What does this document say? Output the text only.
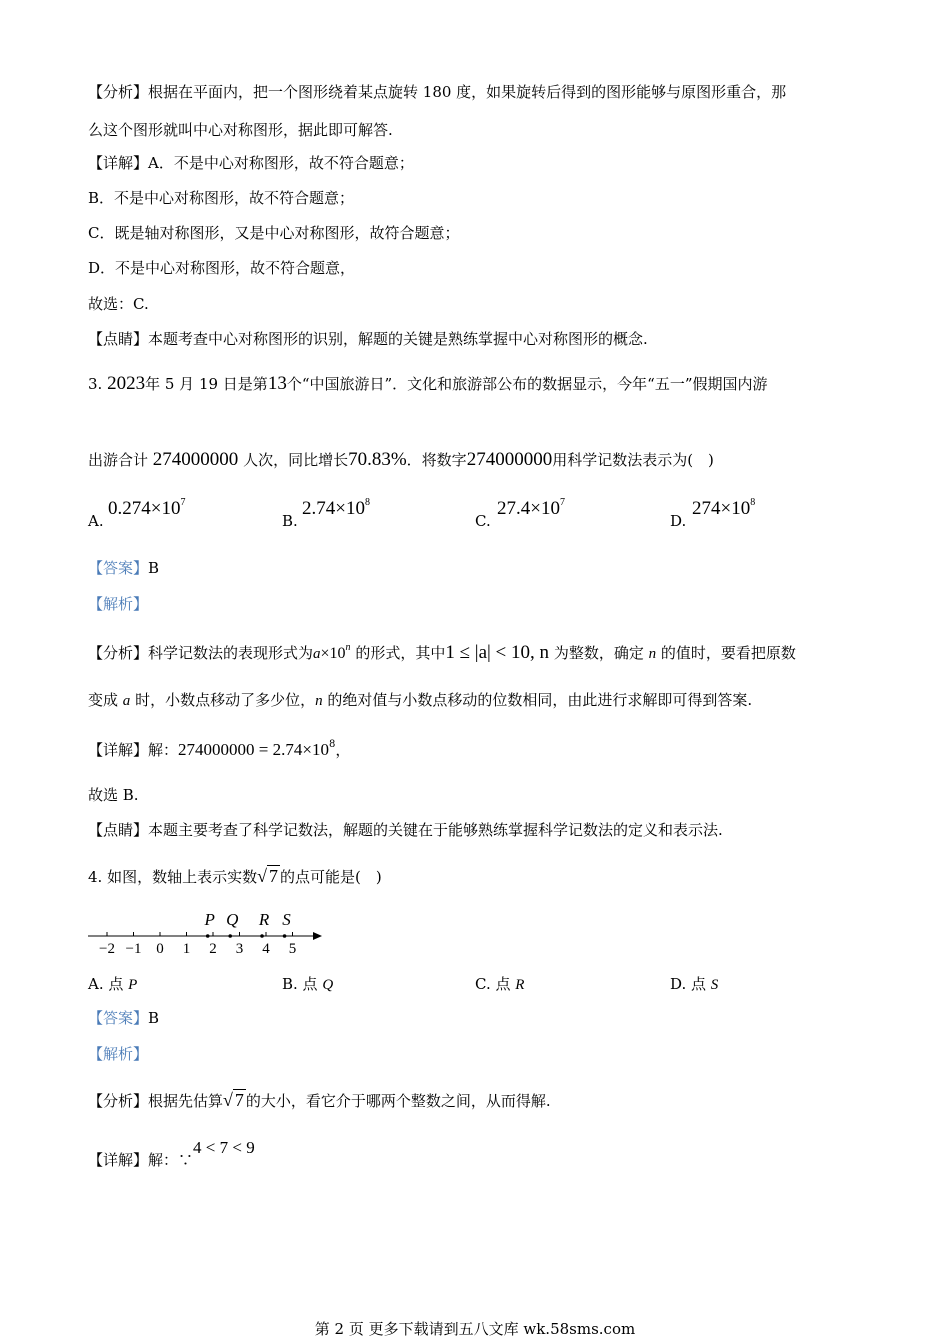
【分析】根据在平面内，把一个图形绕着某点旋转 180 度，如果旋转后得到的图形能够与原图形重合，那
么这个图形就叫中心对称图形，据此即可解答.
【详解】A．不是中心对称图形，故不符合题意；
B．不是中心对称图形，故不符合题意；
C．既是轴对称图形，又是中心对称图形，故符合题意；
D．不是中心对称图形，故不符合题意，
故选：C.
【点睛】本题考查中心对称图形的识别，解题的关键是熟练掌握中心对称图形的概念.
3. 2023年 5 月 19 日是第13个“中国旅游日”．文化和旅游部公布的数据显示，今年“五一”假期国内游
出游合计 274000000 人次，同比增长70.83%．将数字274000000用科学记数法表示为(　)
A.
$0.274\times 10^7$
B.
$2.74\times 10^8$
C.
$27.4\times 10^7$
D.
$274\times 10^8$
【答案】B
【解析】
【分析】科学记数法的表现形式为$a\times 10^n$ 的形式，其中1 ≤ |a| < 10, n 为整数，确定 n 的值时，要看把原数
变成 a 时，小数点移动了多少位，n 的绝对值与小数点移动的位数相同，由此进行求解即可得到答案.
【详解】解：$274000000 = 2.74\times 10^8$，
故选 B.
【点睛】本题主要考查了科学记数法，解题的关键在于能够熟练掌握科学记数法的定义和表示法.
4. 如图，数轴上表示实数√ 7 的点可能是(　)
−2 −1 0 1 2 3 4 5
P Q R S
A. 点 P	B. 点 Q	C. 点 R	D. 点 S
【答案】B
【解析】
【分析】根据先估算√ 7 的大小，看它介于哪两个整数之间，从而得解.
【详解】解：∵4 < 7 < 9
第 2 页 更多下载请到五八文库 wk.58sms.com
